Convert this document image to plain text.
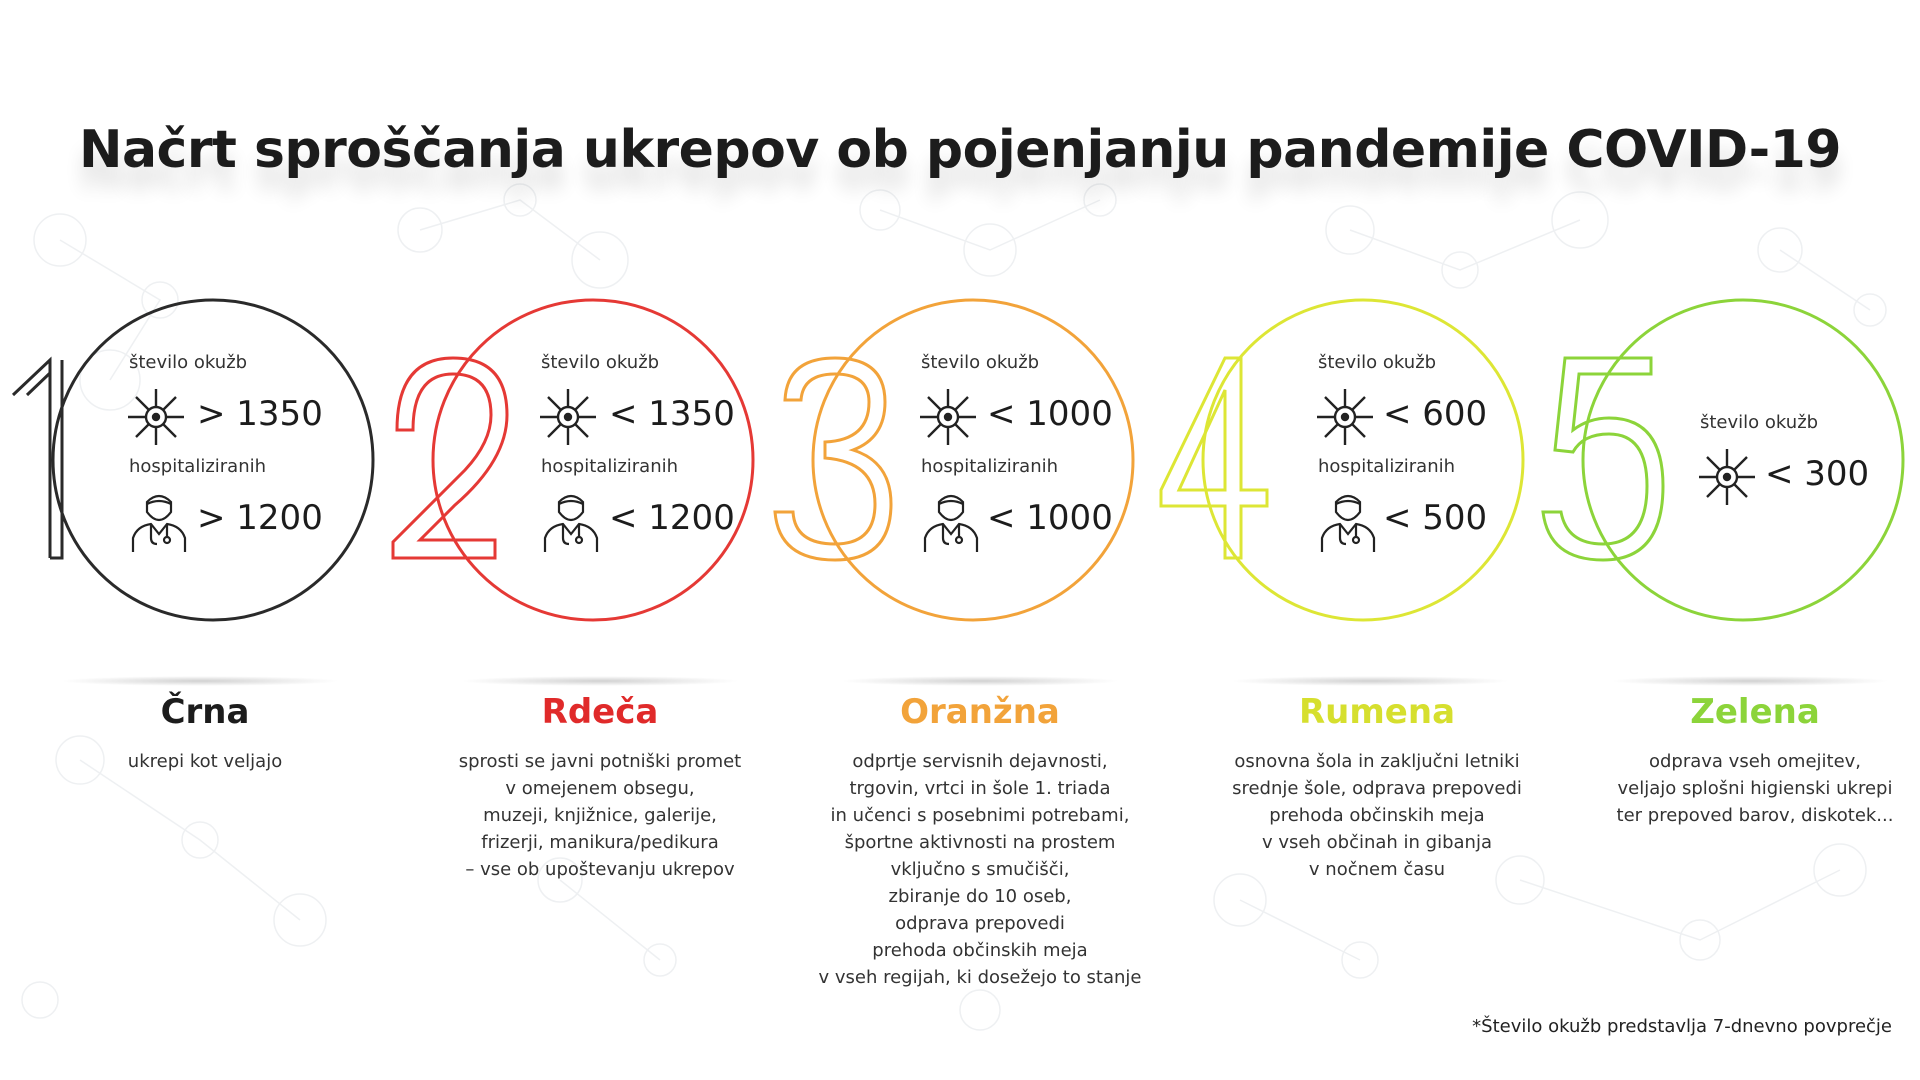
Načrt sproščanja ukrepov ob pojenjanju pandemije COVID-19
število okužb
> 1350
hospitaliziranih
> 1200
število okužb
< 1350
hospitaliziranih
< 1200
število okužb
< 1000
hospitaliziranih
< 1000
število okužb
< 600
hospitaliziranih
< 500
število okužb
< 300
Črna
ukrepi kot veljajo
Rdeča
sprosti se javni potniški promet
v omejenem obsegu,
muzeji, knjižnice, galerije,
frizerji, manikura/pedikura
– vse ob upoštevanju ukrepov
Oranžna
odprtje servisnih dejavnosti,
trgovin, vrtci in šole 1. triada
in učenci s posebnimi potrebami,
športne aktivnosti na prostem
vključno s smučišči,
zbiranje do 10 oseb,
odprava prepovedi
prehoda občinskih meja
v vseh regijah, ki dosežejo to stanje
Rumena
osnovna šola in zaključni letniki
srednje šole, odprava prepovedi
prehoda občinskih meja
v vseh občinah in gibanja
v nočnem času
Zelena
odprava vseh omejitev,
veljajo splošni higienski ukrepi
ter prepoved barov, diskotek...
*Število okužb predstavlja 7-dnevno povprečje
